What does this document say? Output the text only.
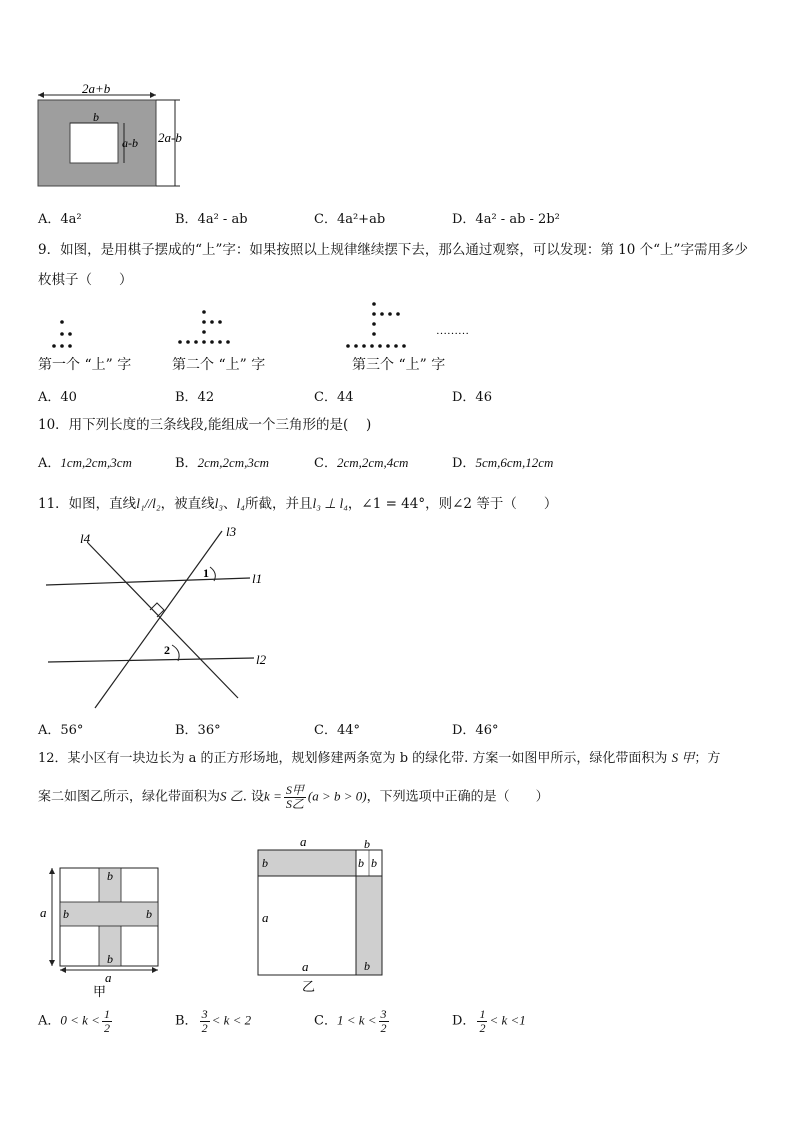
2a+b
b
a-b 2a-b
A．4a²	B．4a² - ab	C．4a²+ab	D．4a² - ab - 2b²
9．如图，是用棋子摆成的“上”字：如果按照以上规律继续摆下去，那么通过观察，可以发现：第 10 个“上”字需用多少
枚棋子（　　）
………
第一个 “上” 字	第二个 “上” 字	第三个 “上” 字
A．40	B．42	C．44	D．46
10．用下列长度的三条线段,能组成一个三角形的是(　 )
A．1cm,2cm,3cm	B．2cm,2cm,3cm	C．2cm,2cm,4cm	D．5cm,6cm,12cm
11．如图，直线l₁//l₂，被直线l₃、l₄所截，并且l₃ ⊥ l₄，∠1 = 44°，则∠2 等于（　　）
l4	l3
1	l1
2
l2
A．56°	B．36°	C．44°	D．46°
12．某小区有一块边长为 a 的正方形场地，规划修建两条宽为 b 的绿化带. 方案一如图甲所示，绿化带面积为 S 甲；方
案二如图乙所示，绿化带面积为S 乙. 设$k = \frac{\text{S甲}}{\text{S乙}} (a > b > 0)$，下列选项中正确的是（　　）
a
a
b
b	b
b
甲
a	b
b	b b
a
a	b
乙
A．$0 < k < \frac{1}{2}$	B． $\frac{3}{2} < k < 2$	C．$1 < k < \frac{3}{2}$	D． $\frac{1}{2} < k <1$
